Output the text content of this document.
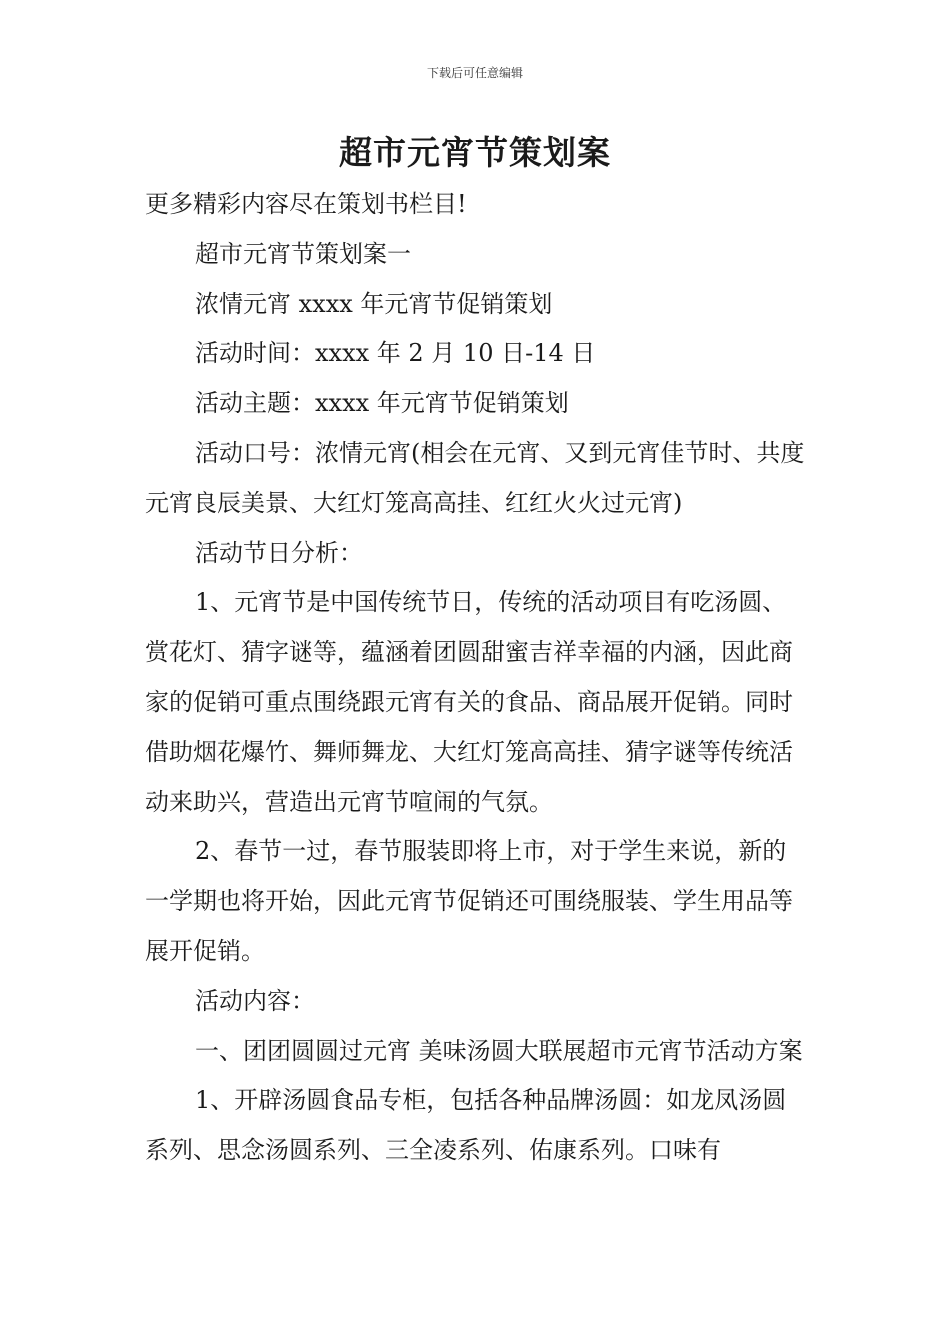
下载后可任意编辑
超市元宵节策划案

更多精彩内容尽在策划书栏目!

超市元宵节策划案一

浓情元宵 xxxx 年元宵节促销策划

活动时间：xxxx 年 2 月 10 日-14 日

活动主题：xxxx 年元宵节促销策划

活动口号：浓情元宵(相会在元宵、又到元宵佳节时、共度元宵良辰美景、大红灯笼高高挂、红红火火过元宵)

活动节日分析：

1、元宵节是中国传统节日，传统的活动项目有吃汤圆、赏花灯、猜字谜等，蕴涵着团圆甜蜜吉祥幸福的内涵，因此商家的促销可重点围绕跟元宵有关的食品、商品展开促销。同时借助烟花爆竹、舞师舞龙、大红灯笼高高挂、猜字谜等传统活动来助兴，营造出元宵节喧闹的气氛。

2、春节一过，春节服装即将上市，对于学生来说，新的一学期也将开始，因此元宵节促销还可围绕服装、学生用品等展开促销。

活动内容：

一、团团圆圆过元宵 美味汤圆大联展超市元宵节活动方案

1、开辟汤圆食品专柜，包括各种品牌汤圆：如龙凤汤圆系列、思念汤圆系列、三全凌系列、佑康系列。口味有
